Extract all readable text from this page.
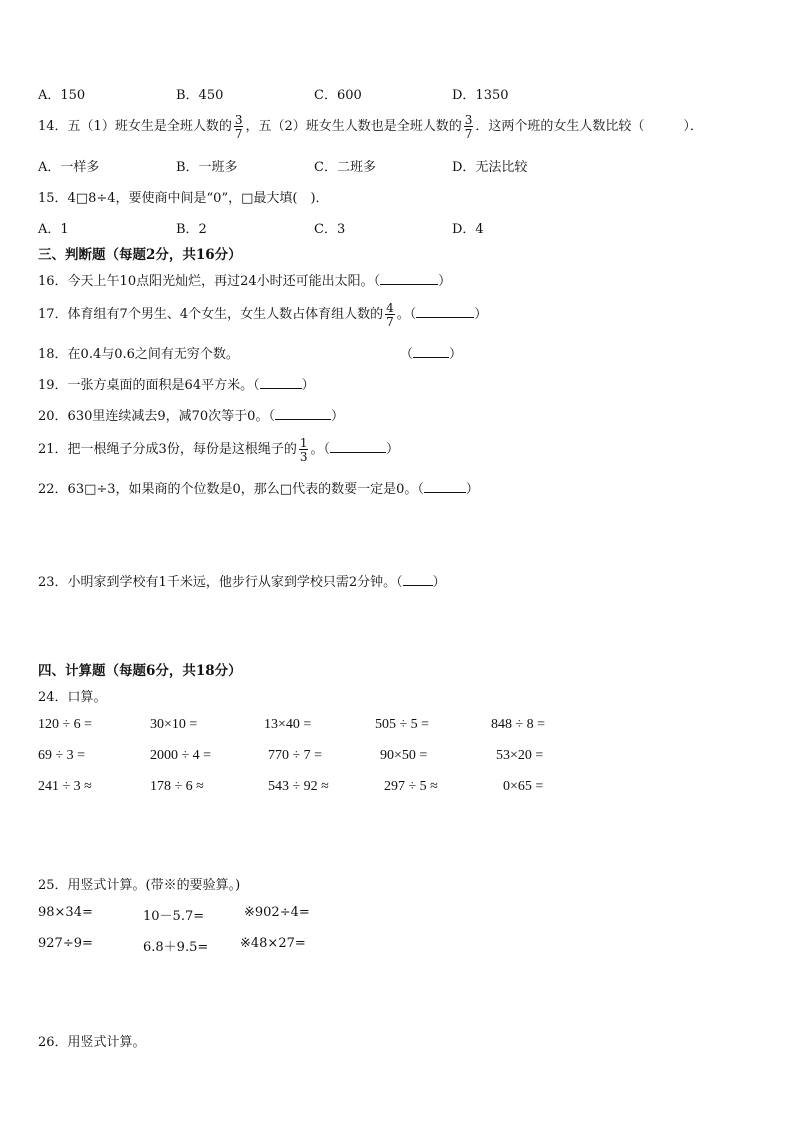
A．150	B．450	C．600	D．1350
14．五（1）班女生是全班人数的 $\frac{3}{7}$ ，五（2）班女生人数也是全班人数的 $\frac{3}{7}$ ．这两个班的女生人数比较（　　　）．
A．一样多	B．一班多	C．二班多	D．无法比较
15．4□8÷4，要使商中间是“0”，□最大填(　)．
A．1	B．2	C．3	D．4
三、判断题（每题2分，共16分）
16．今天上午10点阳光灿烂，再过24小时还可能出太阳。（	）
17．体育组有7个男生、4个女生，女生人数占体育组人数的 $\frac{4}{7}$ 。（	）
18．在0.4与0.6之间有无穷个数。	（	）
19．一张方桌面的面积是64平方米。（	）
20．630里连续减去9，减70次等于0。（	）
21．把一根绳子分成3份，每份是这根绳子的 $\frac{1}{3}$ 。（	）
22．63□÷3，如果商的个位数是0，那么□代表的数要一定是0。（	）
23．小明家到学校有1千米远，他步行从家到学校只需2分钟。（ ）
四、计算题（每题6分，共18分）
24．口算。
120 ÷ 6 =	30×10 =	13×40 =	505 ÷ 5 =	848 ÷ 8 =
69 ÷ 3 =	2000 ÷ 4 =	770 ÷ 7 =	90×50 =	53×20 =
241 ÷ 3 ≈	178 ÷ 6 ≈	543 ÷ 92 ≈	297 ÷ 5 ≈	0×65 =
25．用竖式计算。(带※的要验算。)
98×34=	10－5.7=	※902÷4=
927÷9=	6.8＋9.5= ※48×27=
26．用竖式计算。
